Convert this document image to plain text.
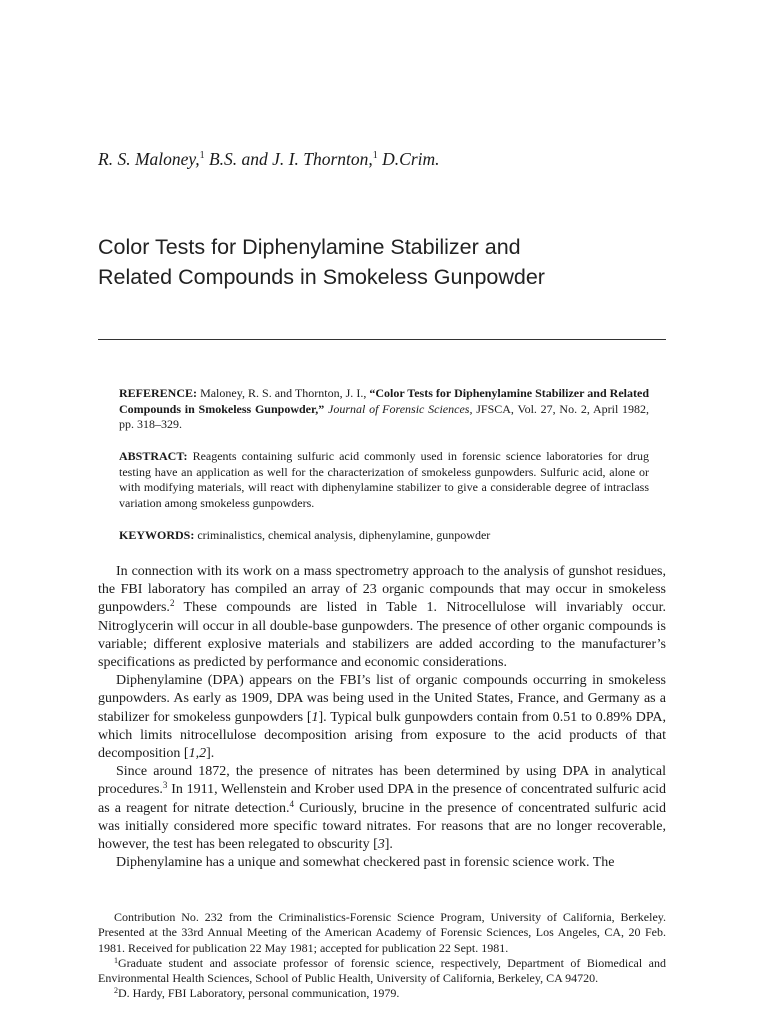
R. S. Maloney,$^1$ B.S. and J. I. Thornton,$^1$ D.Crim.
Color Tests for Diphenylamine Stabilizer and
Related Compounds in Smokeless Gunpowder
REFERENCE: Maloney, R. S. and Thornton, J. I., “Color Tests for Diphenylamine Stabilizer and Related Compounds in Smokeless Gunpowder,” Journal of Forensic Sciences, JFSCA, Vol. 27, No. 2, April 1982, pp. 318–329.
ABSTRACT: Reagents containing sulfuric acid commonly used in forensic science laboratories for drug testing have an application as well for the characterization of smokeless gunpowders. Sulfuric acid, alone or with modifying materials, will react with diphenylamine stabilizer to give a considerable degree of intraclass variation among smokeless gunpowders.
KEYWORDS: criminalistics, chemical analysis, diphenylamine, gunpowder

In connection with its work on a mass spectrometry approach to the analysis of gunshot residues, the FBI laboratory has compiled an array of 23 organic compounds that may occur in smokeless gunpowders.$^2$ These compounds are listed in Table 1. Nitrocellulose will invariably occur. Nitroglycerin will occur in all double-base gunpowders. The presence of other organic compounds is variable; different explosive materials and stabilizers are added according to the manufacturer’s specifications as predicted by performance and economic considerations.

Diphenylamine (DPA) appears on the FBI’s list of organic compounds occurring in smokeless gunpowders. As early as 1909, DPA was being used in the United States, France, and Germany as a stabilizer for smokeless gunpowders [1]. Typical bulk gunpowders contain from 0.51 to 0.89% DPA, which limits nitrocellulose decomposition arising from exposure to the acid products of that decomposition [1,2].

Since around 1872, the presence of nitrates has been determined by using DPA in analytical procedures.$^3$ In 1911, Wellenstein and Krober used DPA in the presence of concentrated sulfuric acid as a reagent for nitrate detection.$^4$ Curiously, brucine in the presence of concentrated sulfuric acid was initially considered more specific toward nitrates. For reasons that are no longer recoverable, however, the test has been relegated to obscurity [3].

Diphenylamine has a unique and somewhat checkered past in forensic science work. The

Contribution No. 232 from the Criminalistics-Forensic Science Program, University of California, Berkeley. Presented at the 33rd Annual Meeting of the American Academy of Forensic Sciences, Los Angeles, CA, 20 Feb. 1981. Received for publication 22 May 1981; accepted for publication 22 Sept. 1981.

$^1$Graduate student and associate professor of forensic science, respectively, Department of Biomedical and Environmental Health Sciences, School of Public Health, University of California, Berkeley, CA 94720.

$^2$D. Hardy, FBI Laboratory, personal communication, 1979.
